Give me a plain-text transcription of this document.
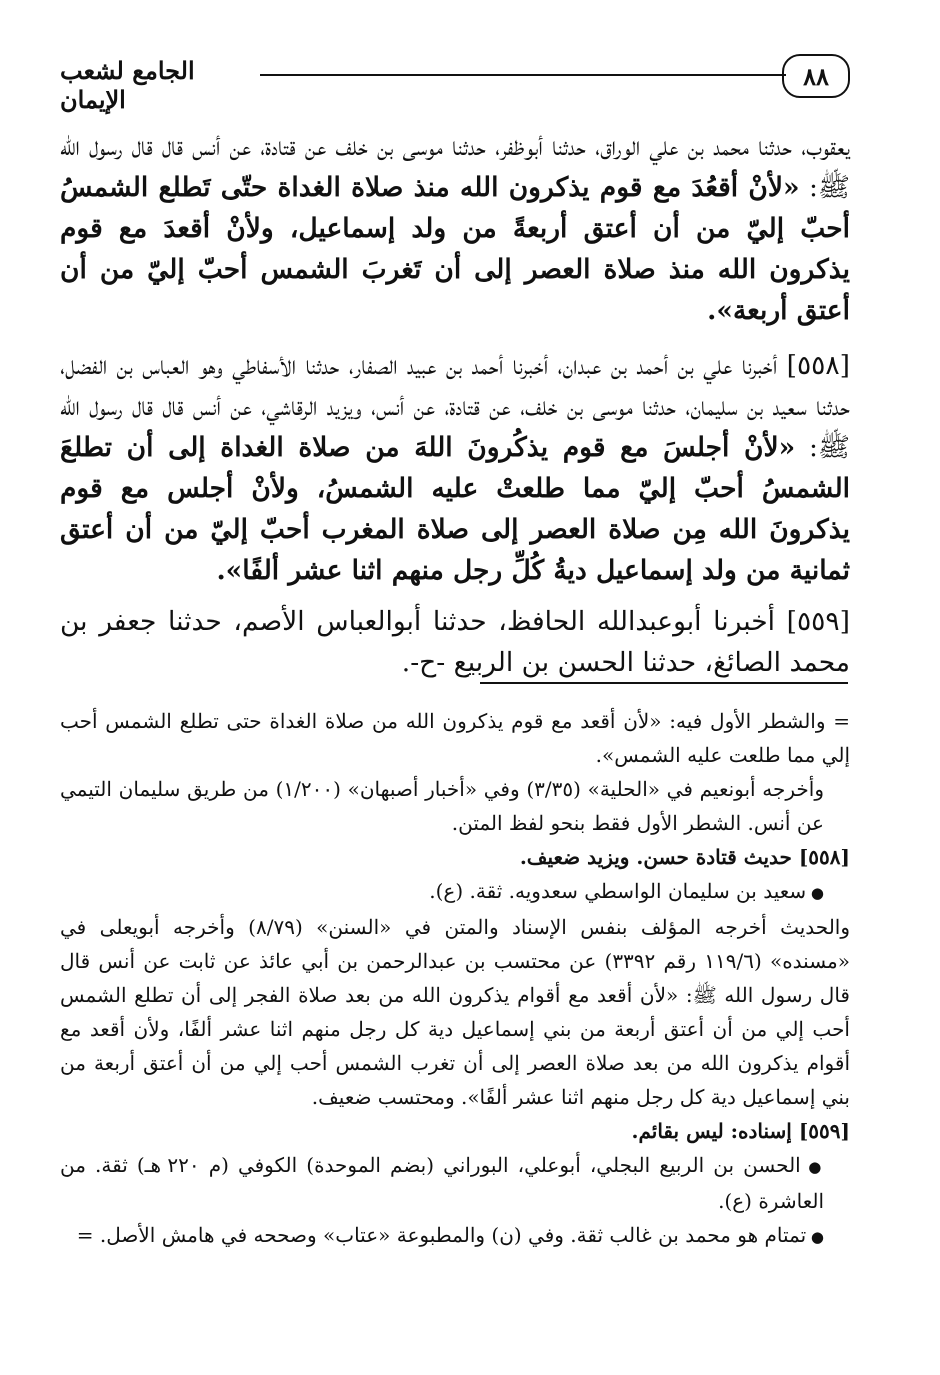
٨٨
الجامع لشعب الإيمان

يعقوب، حدثنا محمد بن علي الوراق، حدثنا أبوظفر، حدثنا موسى بن خلف عن قتادة، عن أنس قال قال رسول الله ﷺ: «لأنْ أقعُدَ مع قوم يذكرون الله منذ صلاة الغداة حتّى تَطلع الشمسُ أحبّ إليّ من أن أعتق أربعةً من ولد إسماعيل، ولأنْ أقعدَ مع قوم يذكرون الله منذ صلاة العصر إلى أن تَغربَ الشمس أحبّ إليّ من أن أعتق أربعة».

[٥٥٨] أخبرنا علي بن أحمد بن عبدان، أخبرنا أحمد بن عبيد الصفار، حدثنا الأسفاطي وهو العباس بن الفضل، حدثنا سعيد بن سليمان، حدثنا موسى بن خلف، عن قتادة، عن أنس، ويزيد الرقاشي، عن أنس قال قال رسول الله ﷺ: «لأنْ أجلسَ مع قوم يذكُرونَ اللهَ من صلاة الغداة إلى أن تطلعَ الشمسُ أحبّ إليّ مما طلعتْ عليه الشمسُ، ولأنْ أجلس مع قوم يذكرونَ الله مِن صلاة العصر إلى صلاة المغرب أحبّ إليّ من أن أعتق ثمانية من ولد إسماعيل ديةُ كُلِّ رجل منهم اثنا عشر ألفًا».

[٥٥٩] أخبرنا أبوعبدالله الحافظ، حدثنا أبوالعباس الأصم، حدثنا جعفر بن محمد الصائغ، حدثنا الحسن بن الربيع -ح-.

= والشطر الأول فيه: «لأن أقعد مع قوم يذكرون الله من صلاة الغداة حتى تطلع الشمس أحب إلي مما طلعت عليه الشمس».

وأخرجه أبونعيم في «الحلية» (٣/٣٥) وفي «أخبار أصبهان» (١/٢٠٠) من طريق سليمان التيمي عن أنس. الشطر الأول فقط بنحو لفظ المتن.

[٥٥٨] حديث قتادة حسن. ويزيد ضعيف.

● سعيد بن سليمان الواسطي سعدويه. ثقة. (ع).

والحديث أخرجه المؤلف بنفس الإسناد والمتن في «السنن» (٨/٧٩) وأخرجه أبويعلى في «مسنده» (١١٩/٦ رقم ٣٣٩٢) عن محتسب بن عبدالرحمن بن أبي عائذ عن ثابت عن أنس قال قال رسول الله ﷺ: «لأن أقعد مع أقوام يذكرون الله من بعد صلاة الفجر إلى أن تطلع الشمس أحب إلي من أن أعتق أربعة من بني إسماعيل دية كل رجل منهم اثنا عشر ألفًا، ولأن أقعد مع أقوام يذكرون الله من بعد صلاة العصر إلى أن تغرب الشمس أحب إلي من أن أعتق أربعة من بني إسماعيل دية كل رجل منهم اثنا عشر ألفًا». ومحتسب ضعيف.

[٥٥٩] إسناده: ليس بقائم.

● الحسن بن الربيع البجلي، أبوعلي، البوراني (بضم الموحدة) الكوفي (م ٢٢٠ هـ) ثقة. من العاشرة (ع).

● تمتام هو محمد بن غالب ثقة. وفي (ن) والمطبوعة «عتاب» وصححه في هامش الأصل. =
